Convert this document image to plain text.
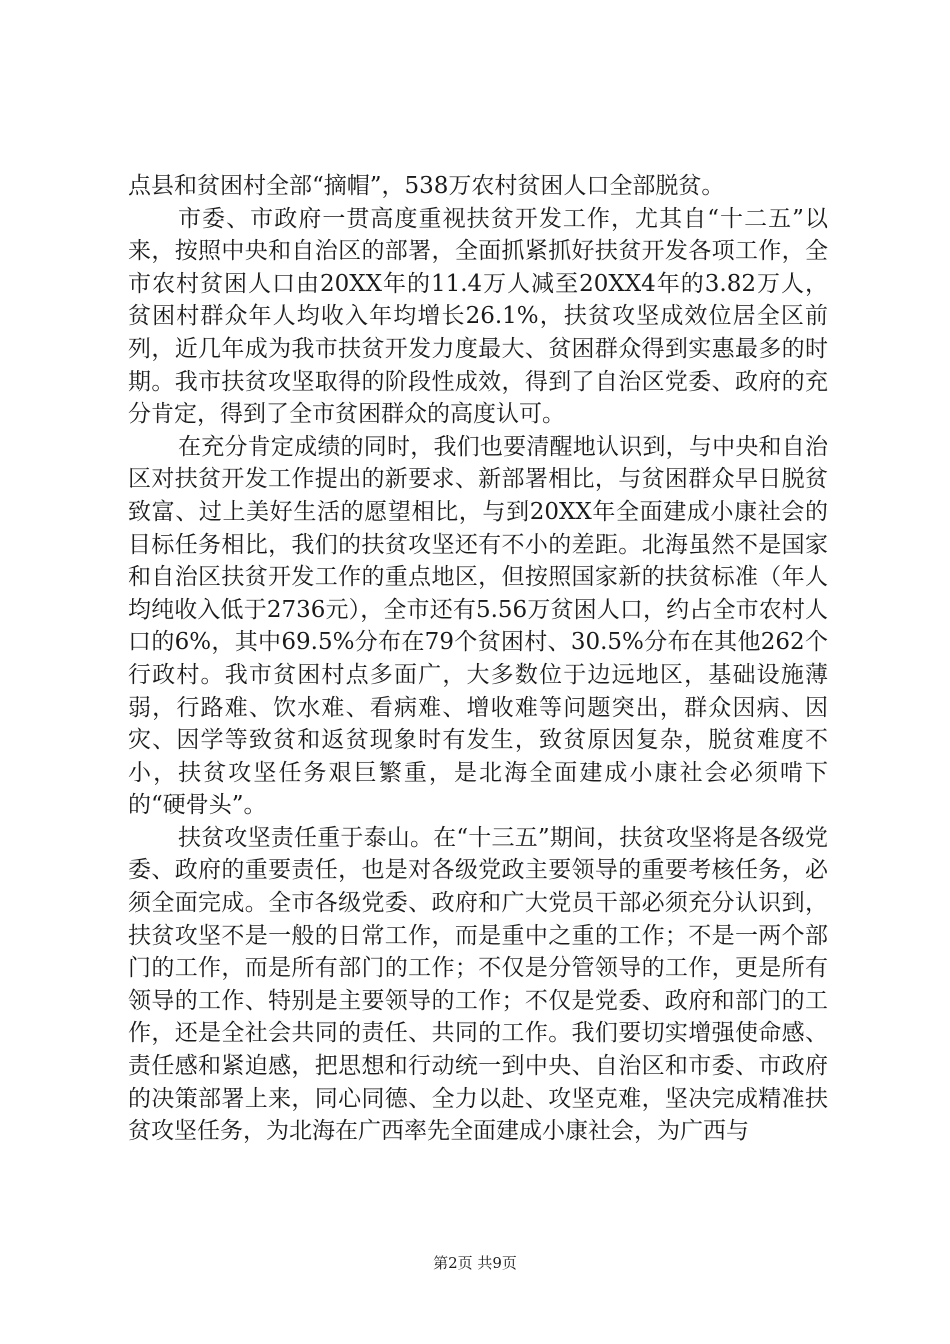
点县和贫困村全部“摘帽”，538万农村贫困人口全部脱贫。

市委、市政府一贯高度重视扶贫开发工作，尤其自“十二五”以来，按照中央和自治区的部署，全面抓紧抓好扶贫开发各项工作，全市农村贫困人口由20XX年的11.4万人减至20XX4年的3.82万人，贫困村群众年人均收入年均增长26.1%，扶贫攻坚成效位居全区前列，近几年成为我市扶贫开发力度最大、贫困群众得到实惠最多的时期。我市扶贫攻坚取得的阶段性成效，得到了自治区党委、政府的充分肯定，得到了全市贫困群众的高度认可。

在充分肯定成绩的同时，我们也要清醒地认识到，与中央和自治区对扶贫开发工作提出的新要求、新部署相比，与贫困群众早日脱贫致富、过上美好生活的愿望相比，与到20XX年全面建成小康社会的目标任务相比，我们的扶贫攻坚还有不小的差距。北海虽然不是国家和自治区扶贫开发工作的重点地区，但按照国家新的扶贫标准（年人均纯收入低于2736元），全市还有5.56万贫困人口，约占全市农村人口的6%，其中69.5%分布在79个贫困村、30.5%分布在其他262个行政村。我市贫困村点多面广，大多数位于边远地区，基础设施薄弱，行路难、饮水难、看病难、增收难等问题突出，群众因病、因灾、因学等致贫和返贫现象时有发生，致贫原因复杂，脱贫难度不小，扶贫攻坚任务艰巨繁重，是北海全面建成小康社会必须啃下的“硬骨头”。

扶贫攻坚责任重于泰山。在“十三五”期间，扶贫攻坚将是各级党委、政府的重要责任，也是对各级党政主要领导的重要考核任务，必须全面完成。全市各级党委、政府和广大党员干部必须充分认识到，扶贫攻坚不是一般的日常工作，而是重中之重的工作；不是一两个部门的工作，而是所有部门的工作；不仅是分管领导的工作，更是所有领导的工作、特别是主要领导的工作；不仅是党委、政府和部门的工作，还是全社会共同的责任、共同的工作。我们要切实增强使命感、责任感和紧迫感，把思想和行动统一到中央、自治区和市委、市政府的决策部署上来，同心同德、全力以赴、攻坚克难，坚决完成精准扶贫攻坚任务，为北海在广西率先全面建成小康社会，为广西与

第2页 共9页
